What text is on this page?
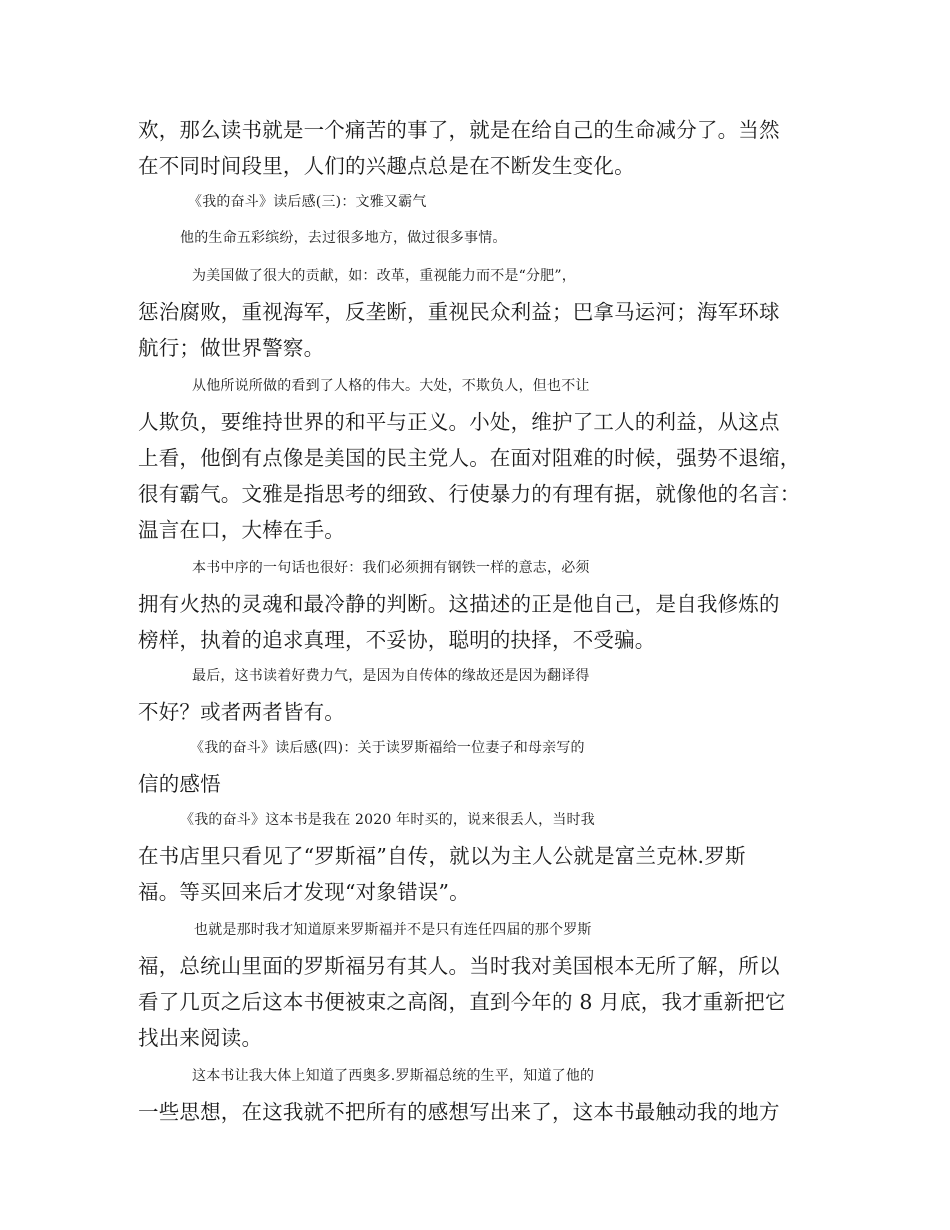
欢，那么读书就是一个痛苦的事了，就是在给自己的生命减分了。当然

在不同时间段里，人们的兴趣点总是在不断发生变化。

《我的奋斗》读后感(三)：文雅又霸气

他的生命五彩缤纷，去过很多地方，做过很多事情。

为美国做了很大的贡献，如：改革，重视能力而不是“分肥”，

惩治腐败，重视海军，反垄断，重视民众利益；巴拿马运河；海军环球

航行；做世界警察。

从他所说所做的看到了人格的伟大。大处，不欺负人，但也不让

人欺负，要维持世界的和平与正义。小处，维护了工人的利益，从这点

上看，他倒有点像是美国的民主党人。在面对阻难的时候，强势不退缩，

很有霸气。文雅是指思考的细致、行使暴力的有理有据，就像他的名言：

温言在口，大棒在手。

本书中序的一句话也很好：我们必须拥有钢铁一样的意志，必须

拥有火热的灵魂和最冷静的判断。这描述的正是他自己，是自我修炼的

榜样，执着的追求真理，不妥协，聪明的抉择，不受骗。

最后，这书读着好费力气，是因为自传体的缘故还是因为翻译得

不好？或者两者皆有。

《我的奋斗》读后感(四)：关于读罗斯福给一位妻子和母亲写的

信的感悟

《我的奋斗》这本书是我在 2020 年时买的，说来很丢人，当时我

在书店里只看见了“罗斯福”自传，就以为主人公就是富兰克林.罗斯

福。等买回来后才发现“对象错误”。

也就是那时我才知道原来罗斯福并不是只有连任四届的那个罗斯

福，总统山里面的罗斯福另有其人。当时我对美国根本无所了解，所以

看了几页之后这本书便被束之高阁，直到今年的 8 月底，我才重新把它

找出来阅读。

这本书让我大体上知道了西奥多.罗斯福总统的生平，知道了他的

一些思想，在这我就不把所有的感想写出来了，这本书最触动我的地方
